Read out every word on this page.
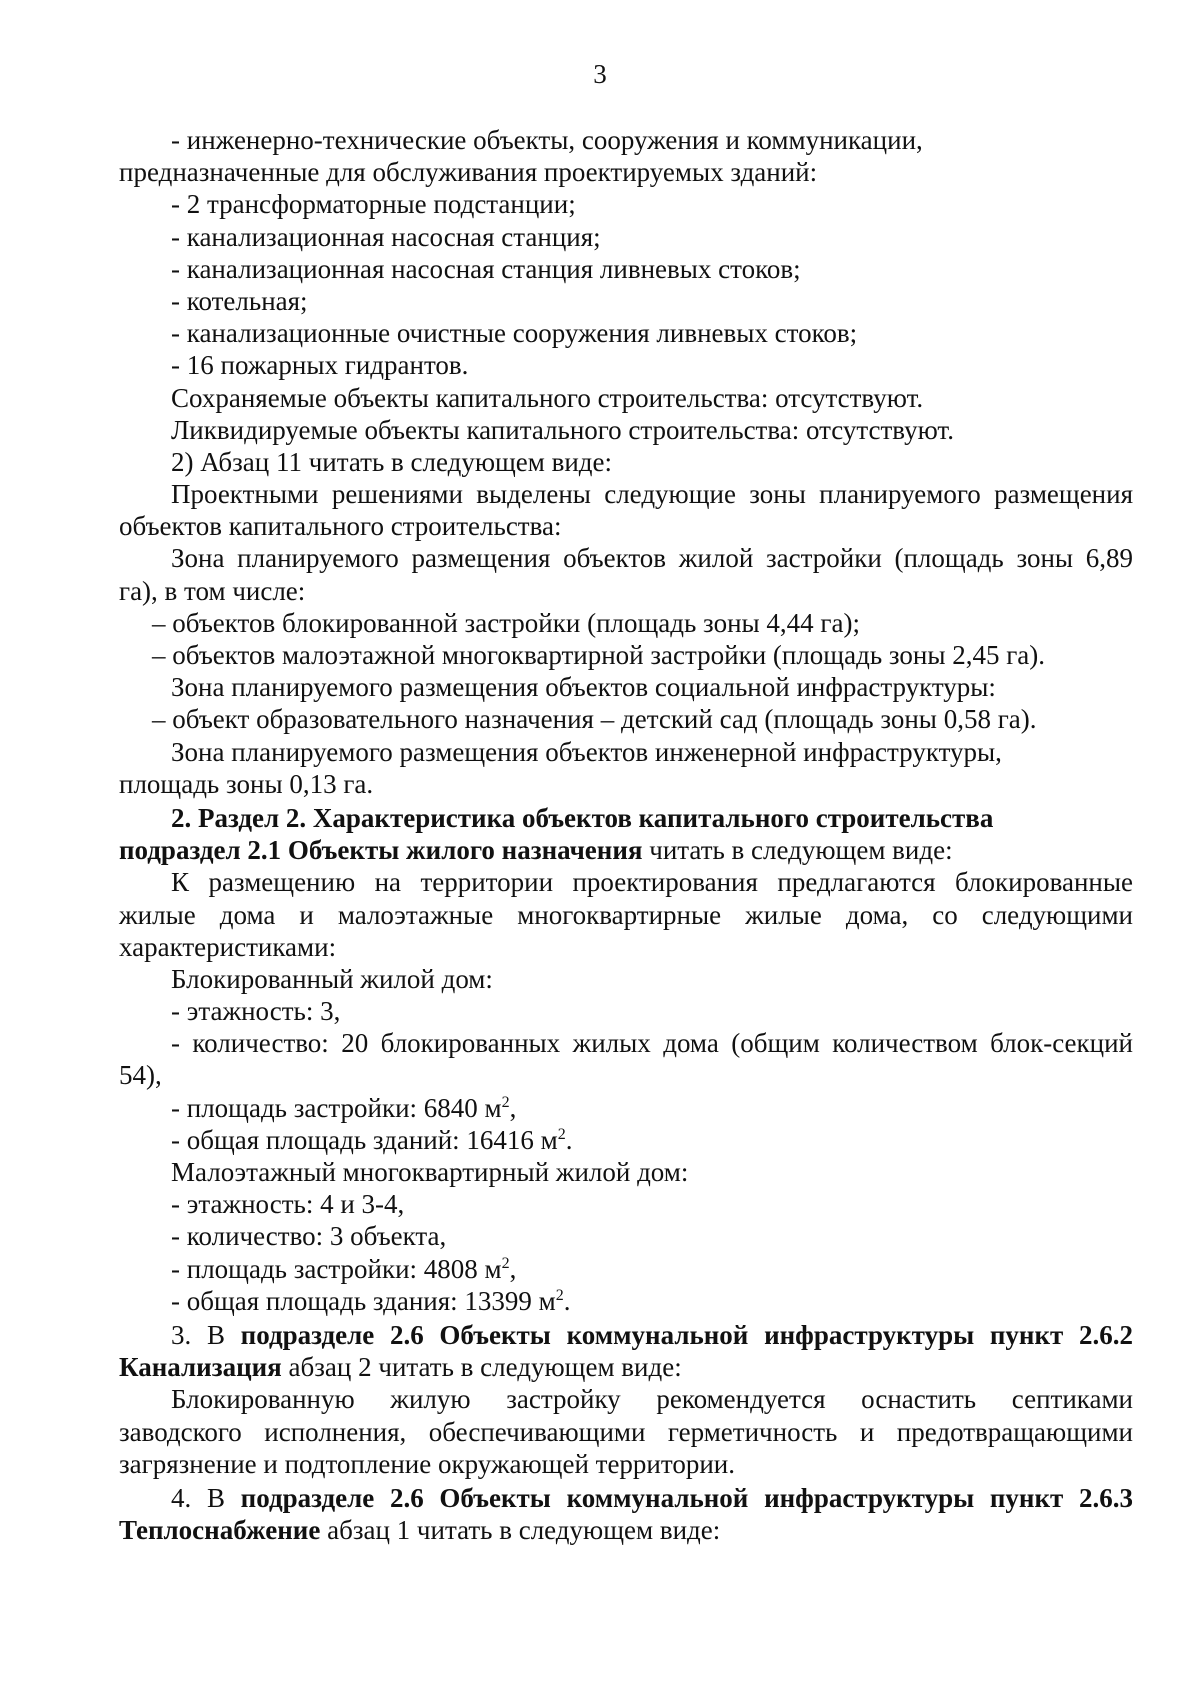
3
- инженерно-технические объекты, сооружения и коммуникации,
предназначенные для обслуживания проектируемых зданий:
- 2 трансформаторные подстанции;
- канализационная насосная станция;
- канализационная насосная станция ливневых стоков;
- котельная;
- канализационные очистные сооружения ливневых стоков;
- 16 пожарных гидрантов.
Сохраняемые объекты капитального строительства: отсутствуют.
Ликвидируемые объекты капитального строительства: отсутствуют.
2) Абзац 11 читать в следующем виде:
Проектными решениями выделены следующие зоны планируемого размещения
объектов капитального строительства:
Зона планируемого размещения объектов жилой застройки (площадь зоны 6,89
га), в том числе:
– объектов блокированной застройки (площадь зоны 4,44 га);
– объектов малоэтажной многоквартирной застройки (площадь зоны 2,45 га).
Зона планируемого размещения объектов социальной инфраструктуры:
– объект образовательного назначения – детский сад (площадь зоны 0,58 га).
Зона планируемого размещения объектов инженерной инфраструктуры,
площадь зоны 0,13 га.
2. Раздел 2. Характеристика объектов капитального строительства
подраздел 2.1 Объекты жилого назначения читать в следующем виде:
К размещению на территории проектирования предлагаются блокированные
жилые дома и малоэтажные многоквартирные жилые дома, со следующими
характеристиками:
Блокированный жилой дом:
- этажность: 3,
- количество: 20 блокированных жилых дома (общим количеством блок-секций
54),
- площадь застройки: 6840 $м^2$,
- общая площадь зданий: 16416 $м^2$.
Малоэтажный многоквартирный жилой дом:
- этажность: 4 и 3-4,
- количество: 3 объекта,
- площадь застройки: 4808 $м^2$,
- общая площадь здания: 13399 $м^2$.
3. В подразделе 2.6 Объекты коммунальной инфраструктуры пункт 2.6.2
Канализация абзац 2 читать в следующем виде:
Блокированную жилую застройку рекомендуется оснастить септиками
заводского исполнения, обеспечивающими герметичность и предотвращающими
загрязнение и подтопление окружающей территории.
4. В подразделе 2.6 Объекты коммунальной инфраструктуры пункт 2.6.3
Теплоснабжение абзац 1 читать в следующем виде:
